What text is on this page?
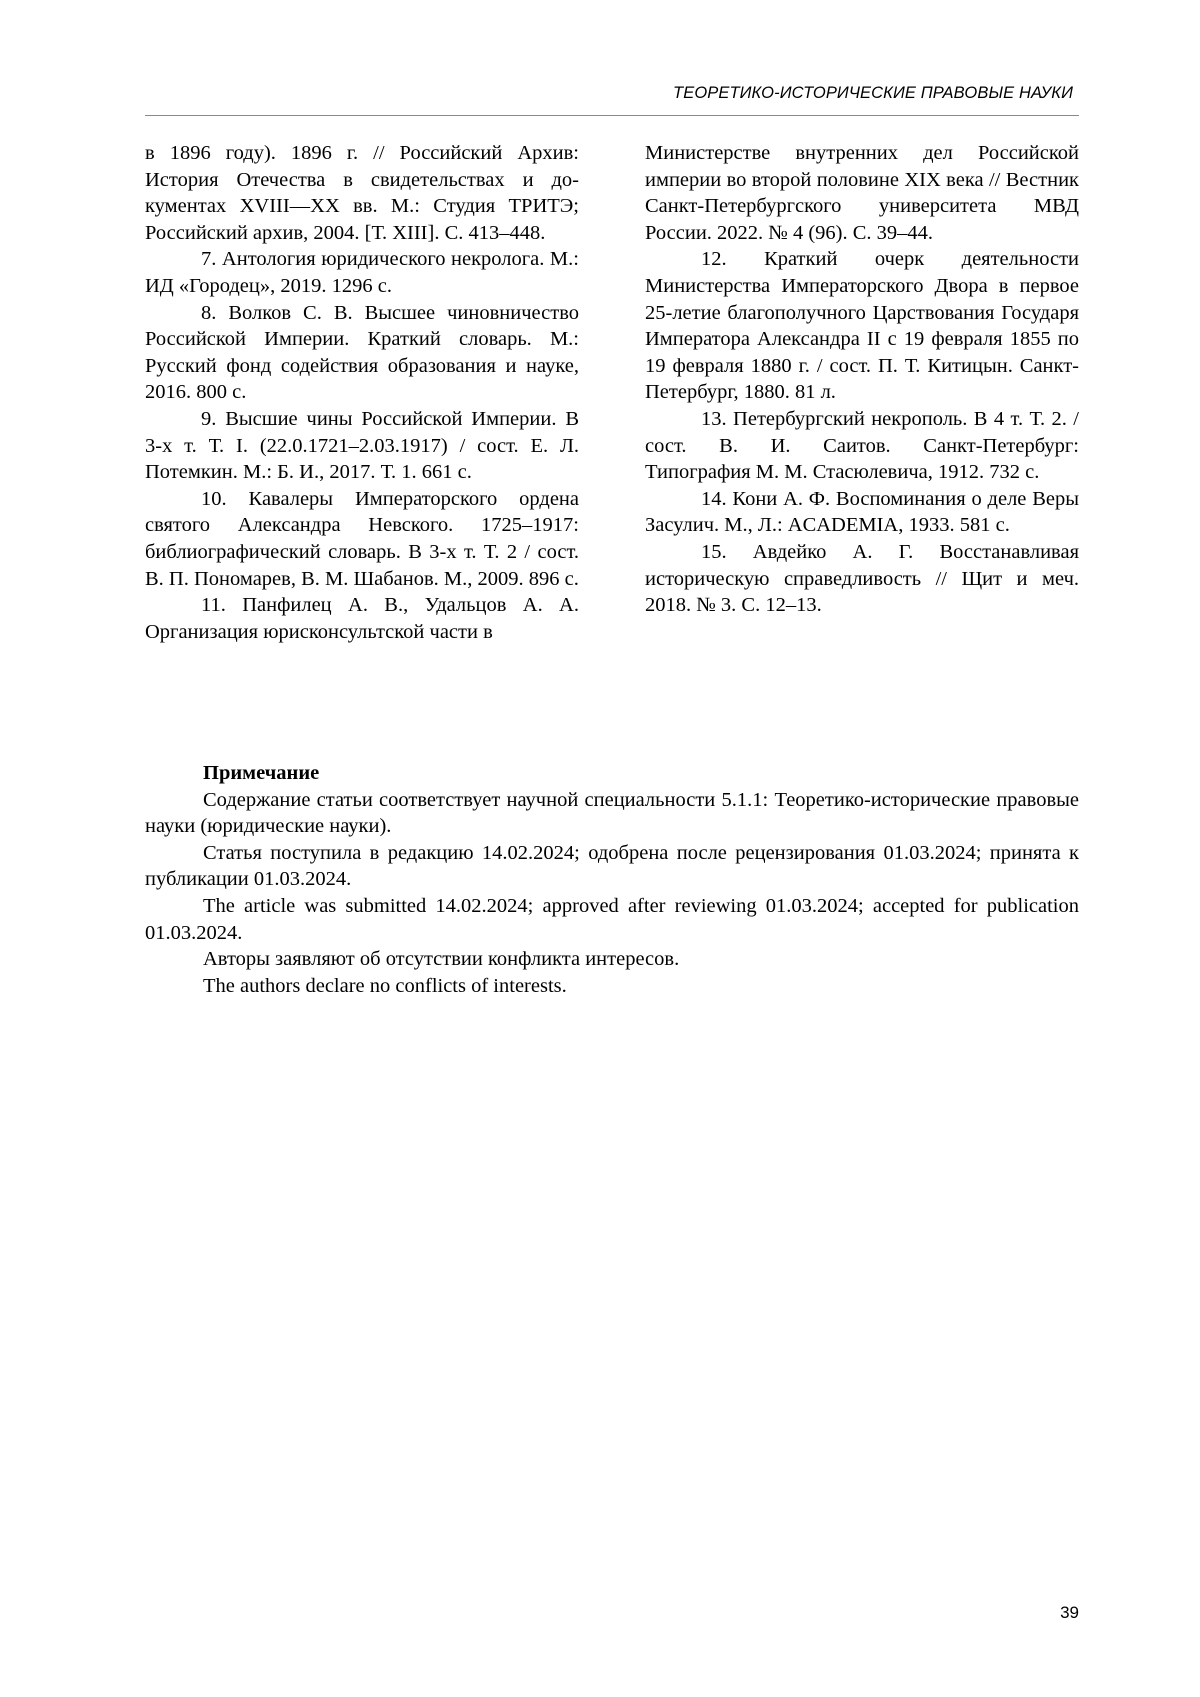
ТЕОРЕТИКО-ИСТОРИЧЕСКИЕ ПРАВОВЫЕ НАУКИ

в 1896 году). 1896 г. // Российский Архив: История Отечества в свидетельствах и документах XVIII—XX вв. М.: Студия ТРИТЭ; Российский архив, 2004. [Т. XIII]. С. 413–448.

7. Антология юридического некролога. М.: ИД «Городец», 2019. 1296 с.

8. Волков С. В. Высшее чиновничество Российской Империи. Краткий словарь. М.: Русский фонд содействия образования и науке, 2016. 800 с.

9. Высшие чины Российской Империи. В 3-х т. Т. I. (22.0.1721–2.03.1917) / сост. Е. Л. Потемкин. М.: Б. И., 2017. Т. 1. 661 с.

10. Кавалеры Императорского ордена святого Александра Невского. 1725–1917: библиографический словарь. В 3-х т. Т. 2 / сост. В. П. Пономарев, В. М. Шабанов. М., 2009. 896 с.

11. Панфилец А. В., Удальцов А. А. Организация юрисконсультской части в

Министерстве внутренних дел Российской империи во второй половине XIX века // Вестник Санкт-Петербургского университета МВД России. 2022. № 4 (96). С. 39–44.

12. Краткий очерк деятельности Министерства Императорского Двора в первое 25-летие благополучного Царствования Государя Императора Александра II с 19 февраля 1855 по 19 февраля 1880 г. / сост. П. Т. Китицын. Санкт-Петербург, 1880. 81 л.

13. Петербургский некрополь. В 4 т. Т. 2. / сост. В. И. Саитов. Санкт-Петербург: Типография М. М. Стасюлевича, 1912. 732 с.

14. Кони А. Ф. Воспоминания о деле Веры Засулич. М., Л.: ACADEMIA, 1933. 581 с.

15. Авдейко А. Г. Восстанавливая историческую справедливость // Щит и меч. 2018. № 3. С. 12–13.

Примечание

Содержание статьи соответствует научной специальности 5.1.1: Теоретико-исторические правовые науки (юридические науки).

Статья поступила в редакцию 14.02.2024; одобрена после рецензирования 01.03.2024; принята к публикации 01.03.2024.

The article was submitted 14.02.2024; approved after reviewing 01.03.2024; accepted for publication 01.03.2024.

Авторы заявляют об отсутствии конфликта интересов.

The authors declare no conflicts of interests.

39
